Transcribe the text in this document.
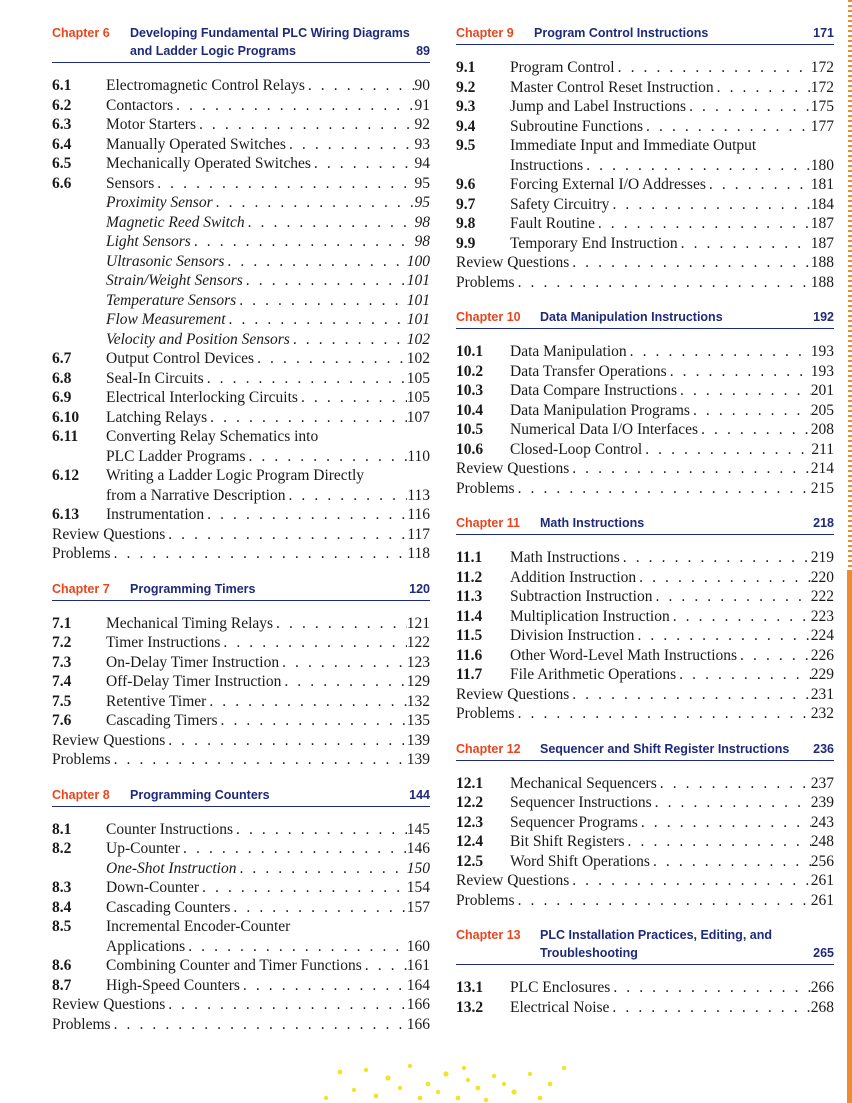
Chapter 6	Developing Fundamental PLC Wiring Diagrams and Ladder Logic Programs	89
6.1	Electromagnetic Control Relays . . .	90
6.2	Contactors . . .	91
6.3	Motor Starters . . .	92
6.4	Manually Operated Switches . . .	93
6.5	Mechanically Operated Switches . . .	94
6.6	Sensors . . .	95
Proximity Sensor . . .	95
Magnetic Reed Switch . . .	98
Light Sensors . . .	98
Ultrasonic Sensors . . .	100
Strain/Weight Sensors . . .	101
Temperature Sensors . . .	101
Flow Measurement . . .	101
Velocity and Position Sensors . . .	102
6.7	Output Control Devices . . .	102
6.8	Seal-In Circuits . . .	105
6.9	Electrical Interlocking Circuits . . .	105
6.10	Latching Relays . . .	107
6.11	Converting Relay Schematics into
PLC Ladder Programs . . .	110
6.12	Writing a Ladder Logic Program Directly
from a Narrative Description . . .	113
6.13	Instrumentation . . .	116
Review Questions . . .	117
Problems . . .	118
Chapter 7	Programming Timers	120
7.1	Mechanical Timing Relays . . .	121
7.2	Timer Instructions . . .	122
7.3	On-Delay Timer Instruction . . .	123
7.4	Off-Delay Timer Instruction . . .	129
7.5	Retentive Timer . . .	132
7.6	Cascading Timers . . .	135
Review Questions . . .	139
Problems . . .	139
Chapter 8	Programming Counters	144
8.1	Counter Instructions . . .	145
8.2	Up-Counter . . .	146
One-Shot Instruction . . .	150
8.3	Down-Counter . . .	154
8.4	Cascading Counters . . .	157
8.5	Incremental Encoder-Counter
Applications . . .	160
8.6	Combining Counter and Timer Functions . . .	161
8.7	High-Speed Counters . . .	164
Review Questions . . .	166
Problems . . .	166
Chapter 9	Program Control Instructions	171
9.1	Program Control . . .	172
9.2	Master Control Reset Instruction . . .	172
9.3	Jump and Label Instructions . . .	175
9.4	Subroutine Functions . . .	177
9.5	Immediate Input and Immediate Output
Instructions . . .	180
9.6	Forcing External I/O Addresses . . .	181
9.7	Safety Circuitry . . .	184
9.8	Fault Routine . . .	187
9.9	Temporary End Instruction . . .	187
Review Questions . . .	188
Problems . . .	188
Chapter 10	Data Manipulation Instructions	192
10.1	Data Manipulation . . .	193
10.2	Data Transfer Operations . . .	193
10.3	Data Compare Instructions . . .	201
10.4	Data Manipulation Programs . . .	205
10.5	Numerical Data I/O Interfaces . . .	208
10.6	Closed-Loop Control . . .	211
Review Questions . . .	214
Problems . . .	215
Chapter 11	Math Instructions	218
11.1	Math Instructions . . .	219
11.2	Addition Instruction . . .	220
11.3	Subtraction Instruction . . .	222
11.4	Multiplication Instruction . . .	223
11.5	Division Instruction . . .	224
11.6	Other Word-Level Math Instructions . . .	226
11.7	File Arithmetic Operations . . .	229
Review Questions . . .	231
Problems . . .	232
Chapter 12	Sequencer and Shift Register Instructions	236
12.1	Mechanical Sequencers . . .	237
12.2	Sequencer Instructions . . .	239
12.3	Sequencer Programs . . .	243
12.4	Bit Shift Registers . . .	248
12.5	Word Shift Operations . . .	256
Review Questions . . .	261
Problems . . .	261
Chapter 13	PLC Installation Practices, Editing, and Troubleshooting	265
13.1	PLC Enclosures . . .	266
13.2	Electrical Noise . . .	268
